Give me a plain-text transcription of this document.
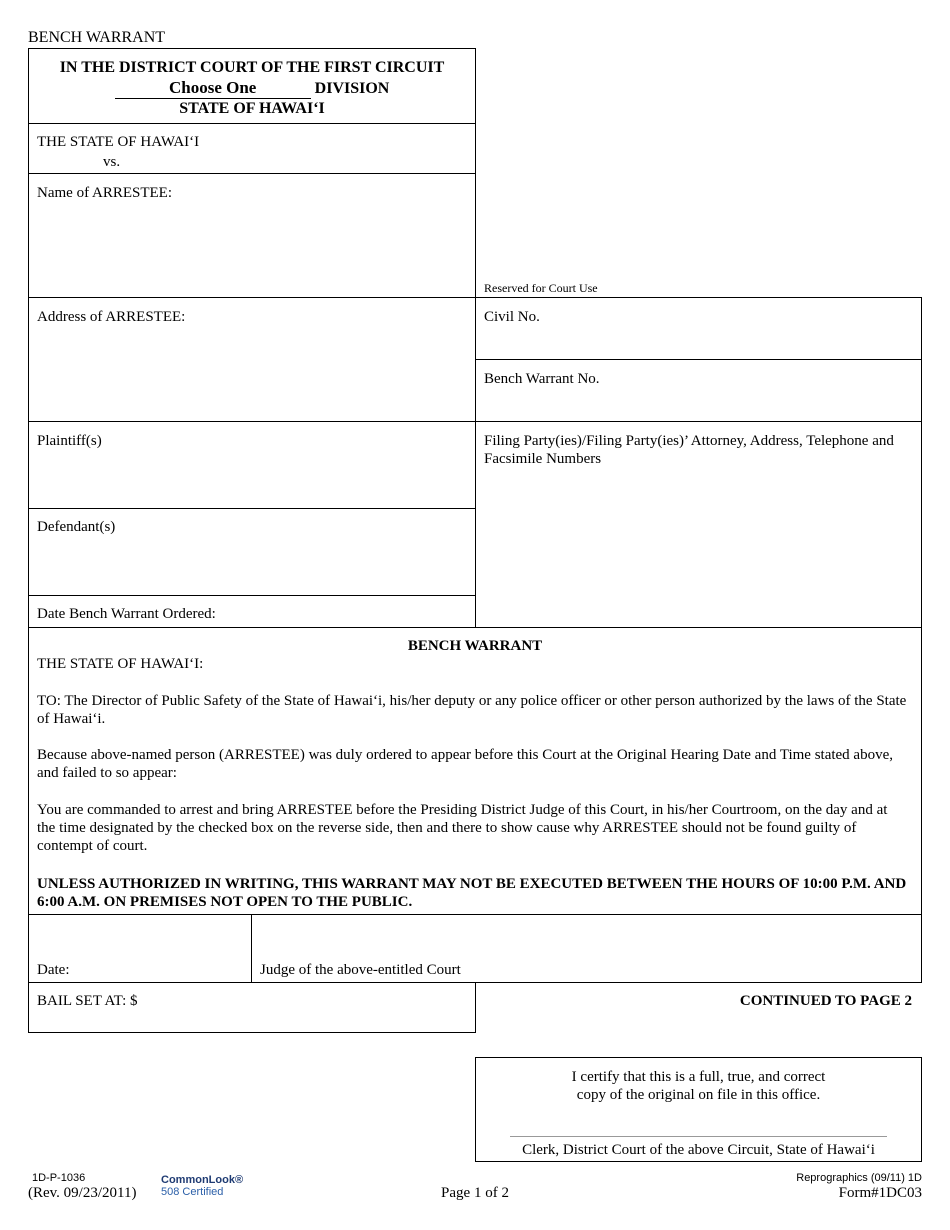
BENCH WARRANT
IN THE DISTRICT COURT OF THE FIRST CIRCUIT
Choose One	DIVISION
STATE OF HAWAI‘I
THE STATE OF HAWAI‘I
vs.
Name of ARRESTEE:
Address of ARRESTEE:
Plaintiff(s)
Defendant(s)
Date Bench Warrant Ordered:
Reserved for Court Use
Civil No.
Bench Warrant No.
Filing Party(ies)/Filing Party(ies)’ Attorney, Address, Telephone and Facsimile Numbers
BENCH WARRANT
THE STATE OF HAWAI‘I:
TO: The Director of Public Safety of the State of Hawai‘i, his/her deputy or any police officer or other person authorized by the laws of the State of Hawai‘i.
Because above-named person (ARRESTEE) was duly ordered to appear before this Court at the Original Hearing Date and Time stated above, and failed to so appear:
You are commanded to arrest and bring ARRESTEE before the Presiding District Judge of this Court, in his/her Courtroom, on the day and at the time designated by the checked box on the reverse side, then and there to show cause why ARRESTEE should not be found guilty of contempt of court.
UNLESS AUTHORIZED IN WRITING, THIS WARRANT MAY NOT BE EXECUTED BETWEEN THE HOURS OF 10:00 P.M. AND 6:00 A.M. ON PREMISES NOT OPEN TO THE PUBLIC.
Date:	Judge of the above-entitled Court
BAIL SET AT: $	CONTINUED TO PAGE 2
I certify that this is a full, true, and correct
copy of the original on file in this office.
Clerk, District Court of the above Circuit, State of Hawai‘i
1D-P-1036
(Rev. 09/23/2011)
CommonLook®
508 Certified	Page 1 of 2
Reprographics (09/11) 1D
Form#1DC03
